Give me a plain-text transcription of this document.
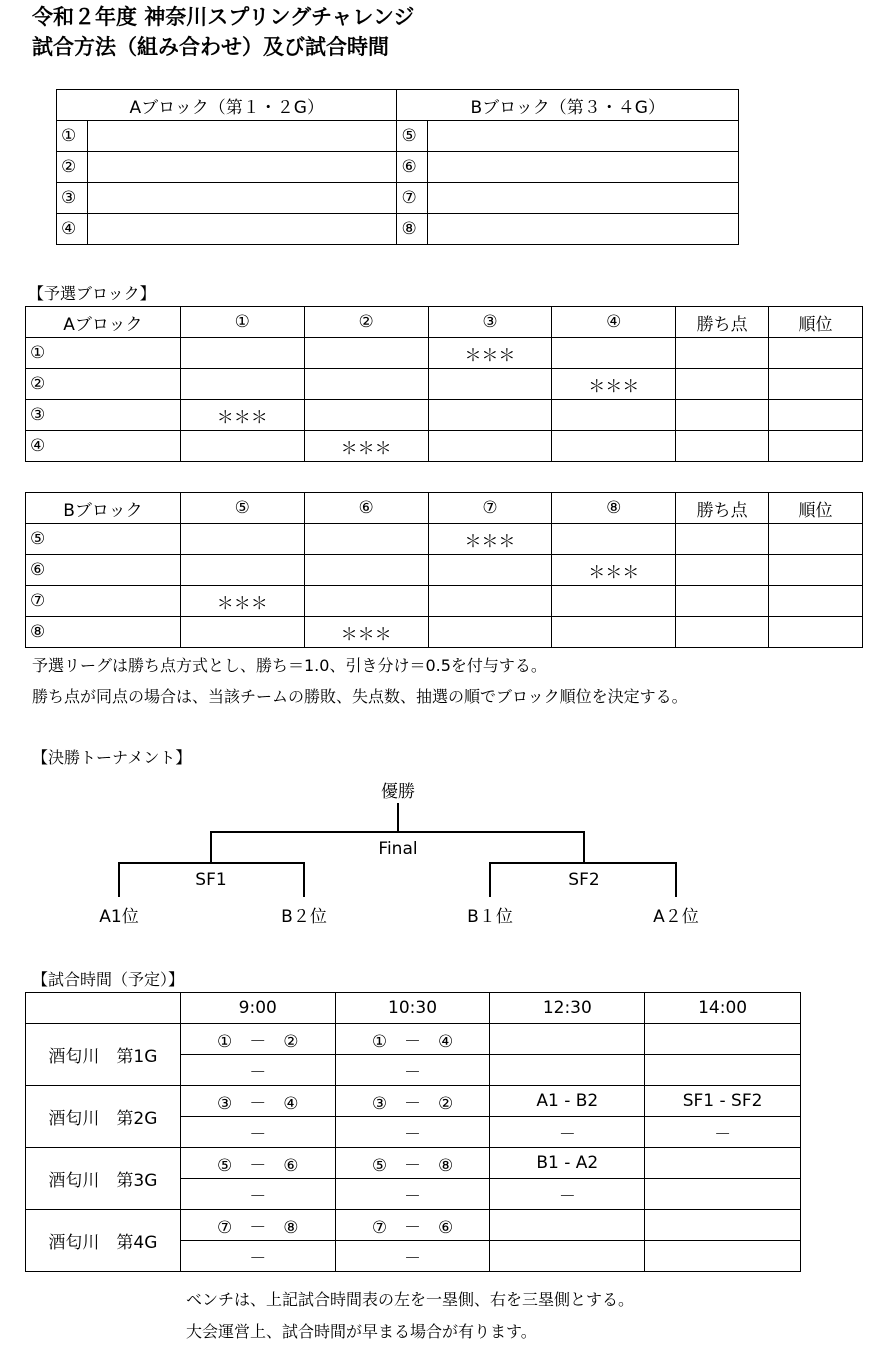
令和２年度 神奈川スプリングチャレンジ
試合方法（組み合わせ）及び試合時間
Aブロック（第１・２G）		Bブロック（第３・４G）	
①		⑤	
②		⑥	
③		⑦	
④		⑧	
【予選ブロック】
Aブロック	①	②	③	④	勝ち点	順位
①			＊＊＊			
②				＊＊＊		
③	＊＊＊					
④		＊＊＊				
Bブロック	⑤	⑥	⑦	⑧	勝ち点	順位
⑤			＊＊＊			
⑥				＊＊＊		
⑦	＊＊＊					
⑧		＊＊＊				
予選リーグは勝ち点方式とし、勝ち＝1.0、引き分け＝0.5を付与する。
勝ち点が同点の場合は、当該チームの勝敗、失点数、抽選の順でブロック順位を決定する。
【決勝トーナメント】
優勝
Final
SF1	SF2
A1位	B２位	B１位	A２位
【試合時間（予定）】
	9:00	10:30	12:30	14:00
酒匂川　第1G	①　－　②	①　－　④		
	－	－		
酒匂川　第2G	③　－　④	③　－　②	A1 - B2	SF1 - SF2
	－	－	－	－
酒匂川　第3G	⑤　－　⑥	⑤　－　⑧	B1 - A2	
	－	－	－	
酒匂川　第4G	⑦　－　⑧	⑦　－　⑥		
	－	－		
ベンチは、上記試合時間表の左を一塁側、右を三塁側とする。
大会運営上、試合時間が早まる場合が有ります。
